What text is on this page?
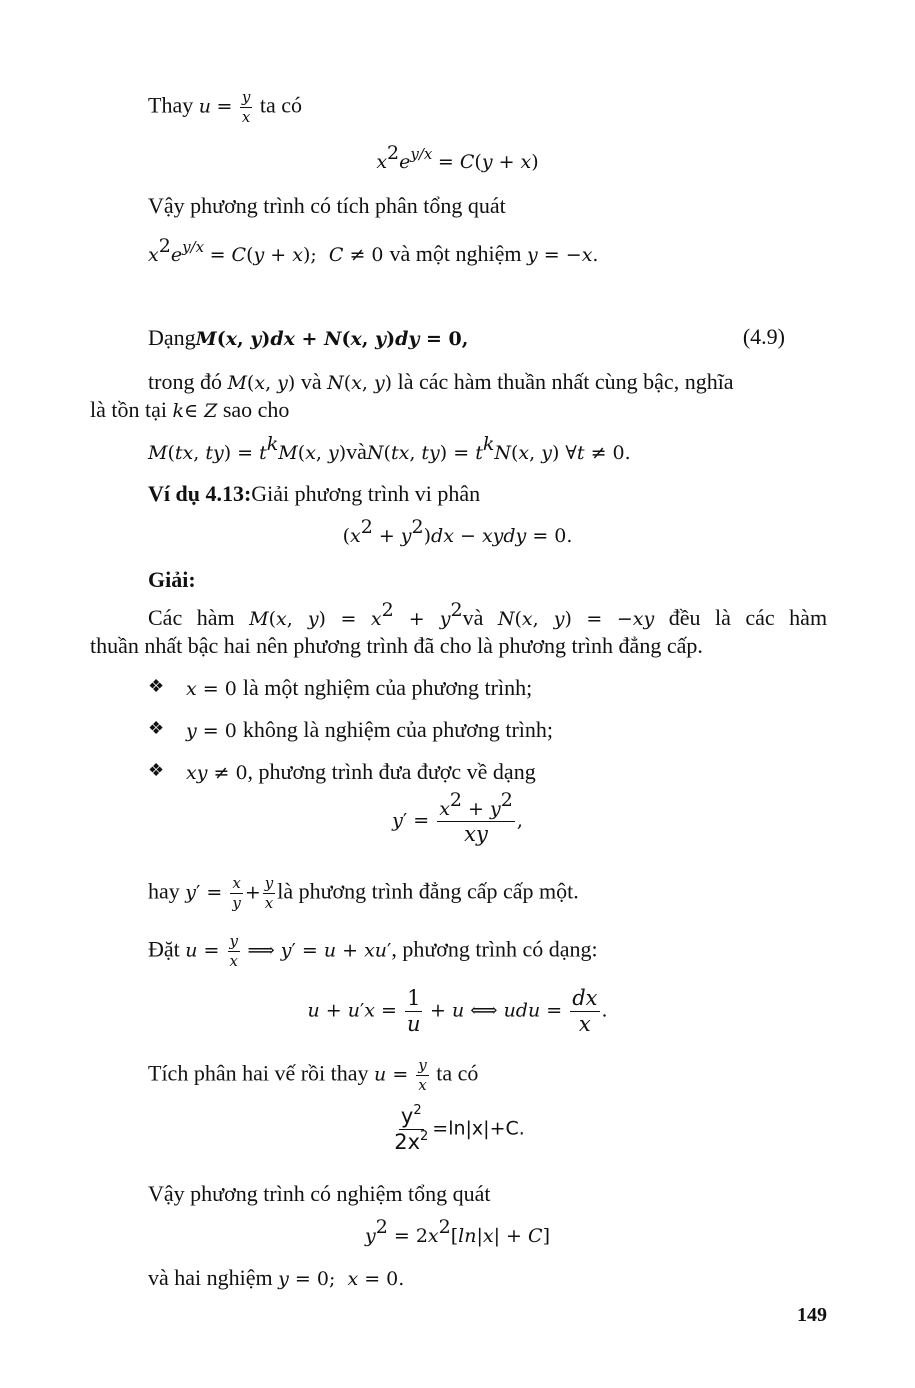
Thay $u = \frac{y}{x}$ ta có
$x^2e^{y/x} = C(y + x)$
Vậy phương trình có tích phân tổng quát
$x^2e^{y/x} = C(y + x)$;  C ≠ 0 và một nghiệm y = −x.
DạngM(x, y)dx + N(x, y)dy = 0,	(4.9)
trong đó M(x, y) và N(x, y) là các hàm thuần nhất cùng bậc, nghĩa
là tồn tại k∈ Z sao cho
M(tx, $ty) = t^kM(x$, y)vàN(tx, $ty) = t^kN(x$, y) ∀t ≠ 0.
Ví dụ 4.13:Giải phương trình vi phân
$(x^2 + y^2)dx$ − xydy = 0.
Giải:
Các hàm M(x, $y) = x^2$ + $y^2và$ N(x, y) = −xy đều là các hàm
thuần nhất bậc hai nên phương trình đã cho là phương trình đẳng cấp.
❖ x = 0 là một nghiệm của phương trình;
❖ y = 0 không là nghiệm của phương trình;
❖ xy ≠ 0, phương trình đưa được về dạng
$y' = \frac{x^2 + y^2}{xy}$ ,
hay $y' = \frac{x}{y} + \frac{y}{x}$ là phương trình đẳng cấp cấp một.
Đặt $u = \frac{y}{x}$ ⟹ y′ = u + xu′, phương trình có dạng:
$u + u'x = \frac{1}{u} + u$ ⟺ udu = $\frac{dx}{x}$ .
Tích phân hai vế rồi thay $u = \frac{y}{x}$ ta có
$\frac{y^2}{2x^2} =\ln|x|+C$.
Vậy phương trình có nghiệm tổng quát
$y^2 = 2x^2[\ln|x| + C]$
và hai nghiệm y = 0;  x = 0.
149
